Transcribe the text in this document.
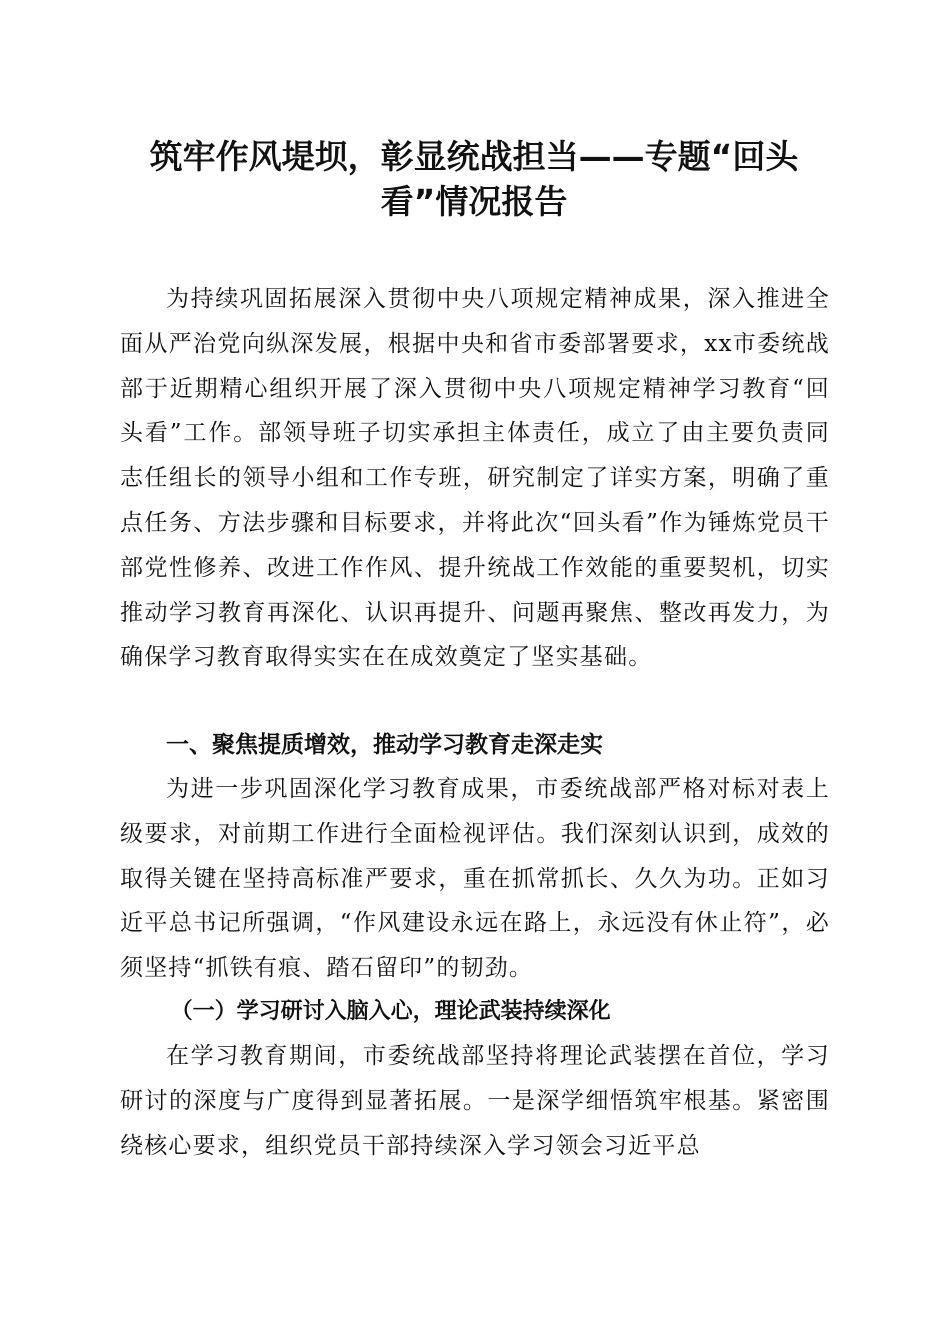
筑牢作风堤坝，彰显统战担当——专题“回头看”情况报告

为持续巩固拓展深入贯彻中央八项规定精神成果，深入推进全面从严治党向纵深发展，根据中央和省市委部署要求，xx市委统战部于近期精心组织开展了深入贯彻中央八项规定精神学习教育“回头看”工作。部领导班子切实承担主体责任，成立了由主要负责同志任组长的领导小组和工作专班，研究制定了详实方案，明确了重点任务、方法步骤和目标要求，并将此次“回头看”作为锤炼党员干部党性修养、改进工作作风、提升统战工作效能的重要契机，切实推动学习教育再深化、认识再提升、问题再聚焦、整改再发力，为确保学习教育取得实实在在成效奠定了坚实基础。

一、聚焦提质增效，推动学习教育走深走实

为进一步巩固深化学习教育成果，市委统战部严格对标对表上级要求，对前期工作进行全面检视评估。我们深刻认识到，成效的取得关键在坚持高标准严要求，重在抓常抓长、久久为功。正如习近平总书记所强调，“作风建设永远在路上，永远没有休止符”，必须坚持“抓铁有痕、踏石留印”的韧劲。

（一）学习研讨入脑入心，理论武装持续深化

在学习教育期间，市委统战部坚持将理论武装摆在首位，学习研讨的深度与广度得到显著拓展。一是深学细悟筑牢根基。紧密围绕核心要求，组织党员干部持续深入学习领会习近平总
